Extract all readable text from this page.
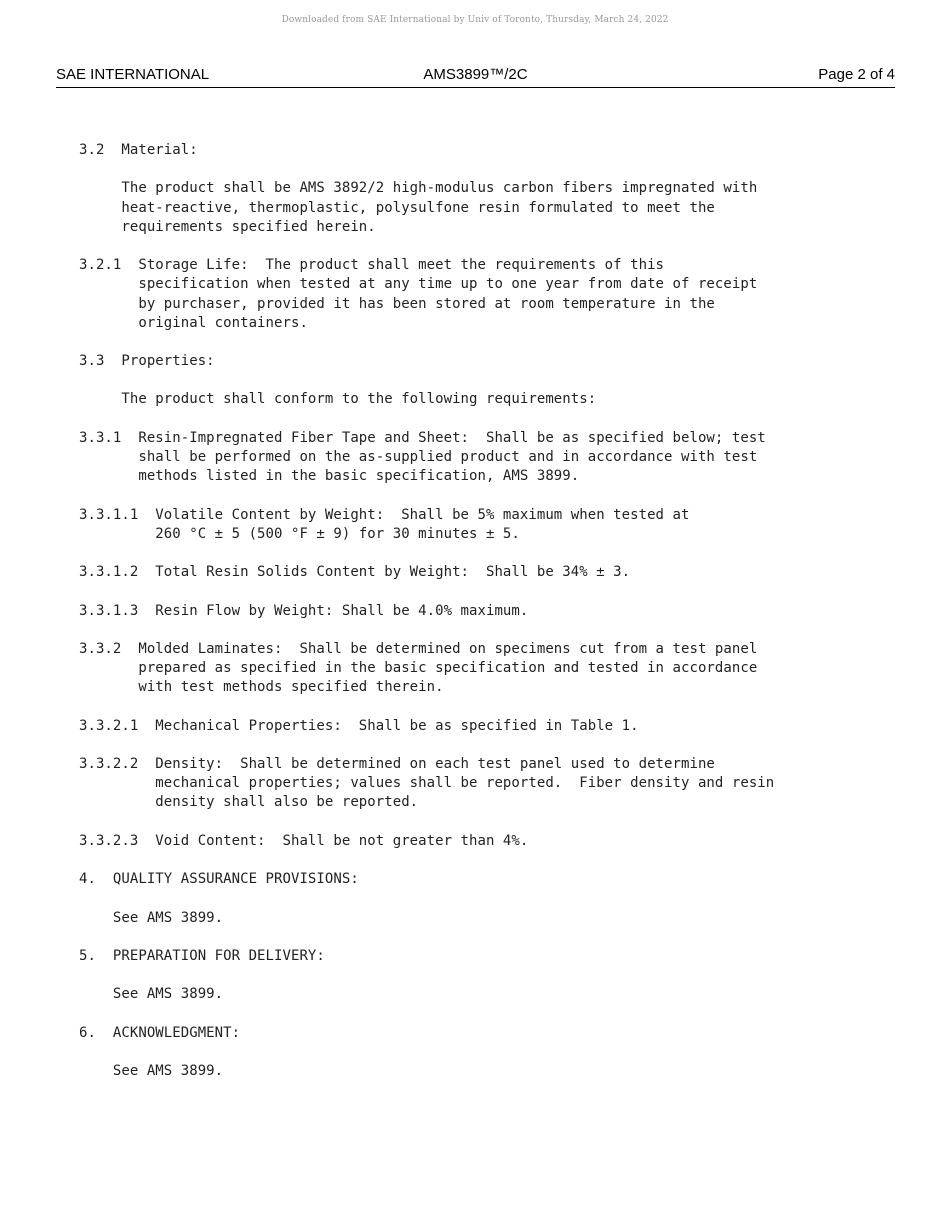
Downloaded from SAE International by Univ of Toronto, Thursday, March 24, 2022
SAE INTERNATIONAL	AMS3899™/2C	Page 2 of 4
3.2  Material:
The product shall be AMS 3892/2 high-modulus carbon fibers impregnated with
heat-reactive, thermoplastic, polysulfone resin formulated to meet the
requirements specified herein.
3.2.1  Storage Life:  The product shall meet the requirements of this
specification when tested at any time up to one year from date of receipt
by purchaser, provided it has been stored at room temperature in the
original containers.
3.3  Properties:
The product shall conform to the following requirements:
3.3.1  Resin-Impregnated Fiber Tape and Sheet:  Shall be as specified below; test
shall be performed on the as-supplied product and in accordance with test
methods listed in the basic specification, AMS 3899.
3.3.1.1  Volatile Content by Weight:  Shall be 5% maximum when tested at
260 °C ± 5 (500 °F ± 9) for 30 minutes ± 5.
3.3.1.2  Total Resin Solids Content by Weight:  Shall be 34% ± 3.
3.3.1.3  Resin Flow by Weight: Shall be 4.0% maximum.
3.3.2  Molded Laminates:  Shall be determined on specimens cut from a test panel
prepared as specified in the basic specification and tested in accordance
with test methods specified therein.
3.3.2.1  Mechanical Properties:  Shall be as specified in Table 1.
3.3.2.2  Density:  Shall be determined on each test panel used to determine
mechanical properties; values shall be reported.  Fiber density and resin
density shall also be reported.
3.3.2.3  Void Content:  Shall be not greater than 4%.
4.  QUALITY ASSURANCE PROVISIONS:
See AMS 3899.
5.  PREPARATION FOR DELIVERY:
See AMS 3899.
6.  ACKNOWLEDGMENT:
See AMS 3899.
